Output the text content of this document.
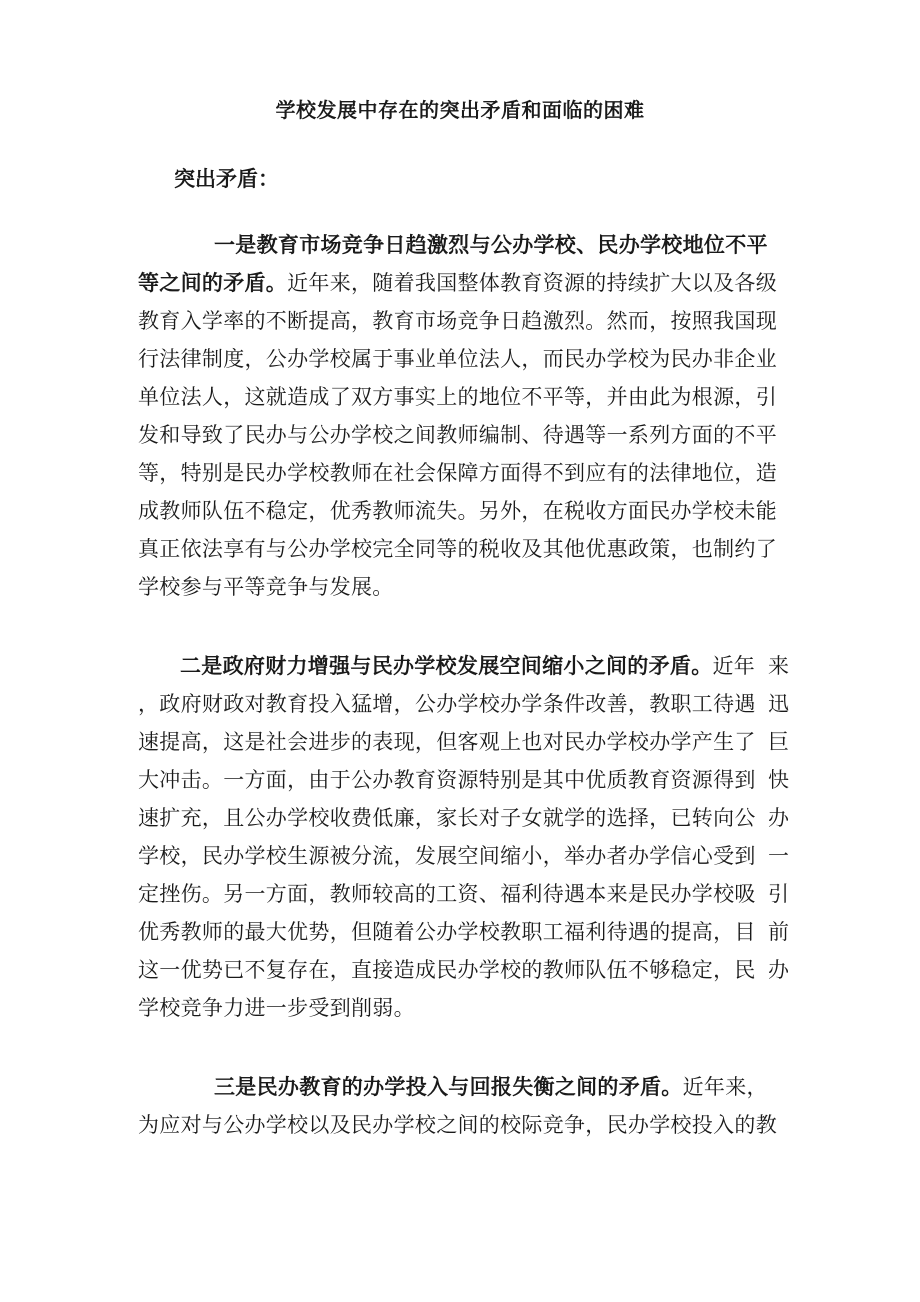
学校发展中存在的突出矛盾和面临的困难
突出矛盾：
一是教育市场竞争日趋激烈与公办学校、民办学校地位不平
等之间的矛盾。近年来，随着我国整体教育资源的持续扩大以及各级
教育入学率的不断提高，教育市场竞争日趋激烈。然而，按照我国现
行法律制度，公办学校属于事业单位法人，而民办学校为民办非企业
单位法人，这就造成了双方事实上的地位不平等，并由此为根源，引
发和导致了民办与公办学校之间教师编制、待遇等一系列方面的不平
等，特别是民办学校教师在社会保障方面得不到应有的法律地位，造
成教师队伍不稳定，优秀教师流失。另外，在税收方面民办学校未能
真正依法享有与公办学校完全同等的税收及其他优惠政策，也制约了
学校参与平等竞争与发展。
二是政府财力增强与民办学校发展空间缩小之间的矛盾。近年
，政府财政对教育投入猛增，公办学校办学条件改善，教职工待遇
速提高，这是社会进步的表现，但客观上也对民办学校办学产生了
大冲击。一方面，由于公办教育资源特别是其中优质教育资源得到
速扩充，且公办学校收费低廉，家长对子女就学的选择，已转向公
学校，民办学校生源被分流，发展空间缩小，举办者办学信心受到
定挫伤。另一方面，教师较高的工资、福利待遇本来是民办学校吸
优秀教师的最大优势，但随着公办学校教职工福利待遇的提高，目
这一优势已不复存在，直接造成民办学校的教师队伍不够稳定，民
学校竞争力进一步受到削弱。
来
迅
巨
快
办
一
引
前
办
三是民办教育的办学投入与回报失衡之间的矛盾。近年来，
为应对与公办学校以及民办学校之间的校际竞争，民办学校投入的教
